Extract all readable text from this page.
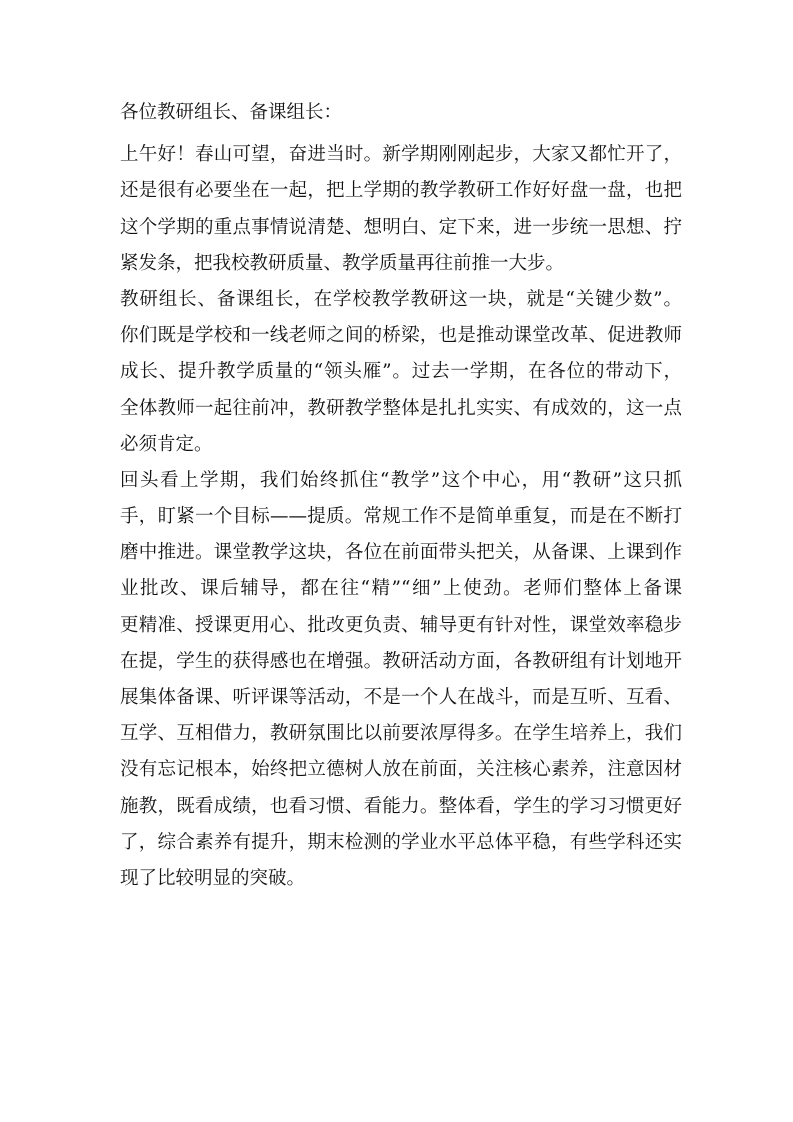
各位教研组长、备课组长：
上午好！春山可望，奋进当时。新学期刚刚起步，大家又都忙开了，
还是很有必要坐在一起，把上学期的教学教研工作好好盘一盘，也把
这个学期的重点事情说清楚、想明白、定下来，进一步统一思想、拧
紧发条，把我校教研质量、教学质量再往前推一大步。
教研组长、备课组长，在学校教学教研这一块，就是“关键少数”。
你们既是学校和一线老师之间的桥梁，也是推动课堂改革、促进教师
成长、提升教学质量的“领头雁”。过去一学期，在各位的带动下，
全体教师一起往前冲，教研教学整体是扎扎实实、有成效的，这一点
必须肯定。
回头看上学期，我们始终抓住“教学”这个中心，用“教研”这只抓
手，盯紧一个目标——提质。常规工作不是简单重复，而是在不断打
磨中推进。课堂教学这块，各位在前面带头把关，从备课、上课到作
业批改、课后辅导，都在往“精”“细”上使劲。老师们整体上备课
更精准、授课更用心、批改更负责、辅导更有针对性，课堂效率稳步
在提，学生的获得感也在增强。教研活动方面，各教研组有计划地开
展集体备课、听评课等活动，不是一个人在战斗，而是互听、互看、
互学、互相借力，教研氛围比以前要浓厚得多。在学生培养上，我们
没有忘记根本，始终把立德树人放在前面，关注核心素养，注意因材
施教，既看成绩，也看习惯、看能力。整体看，学生的学习习惯更好
了，综合素养有提升，期末检测的学业水平总体平稳，有些学科还实
现了比较明显的突破。
